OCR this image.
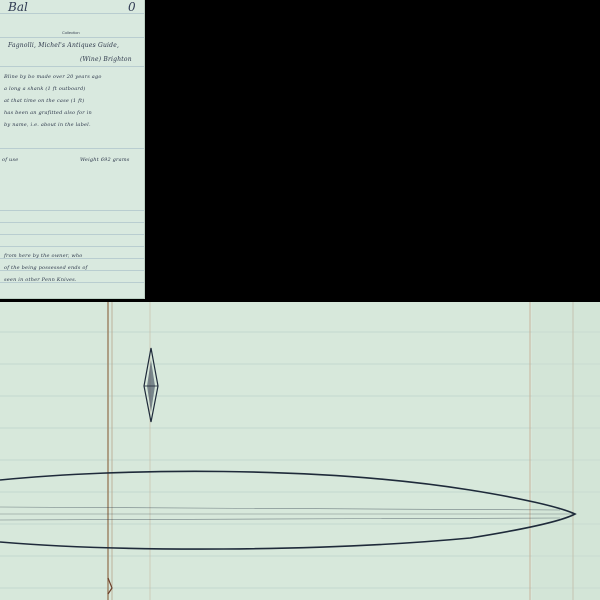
Bal	0
Collection
Fagnolli, Michel's Antiques Guide,
(Wine) Brighton
Bline by bo made over 20 years ago
a long a shank (1 ft outboard)
at that time on the case (1 ft)
has been an grafitted also for in
by name, i.e. about in the label.
of use	Weight 692 grams
from here by the owner, who
of the being possessed ends of
seen in other Penn Knives.
